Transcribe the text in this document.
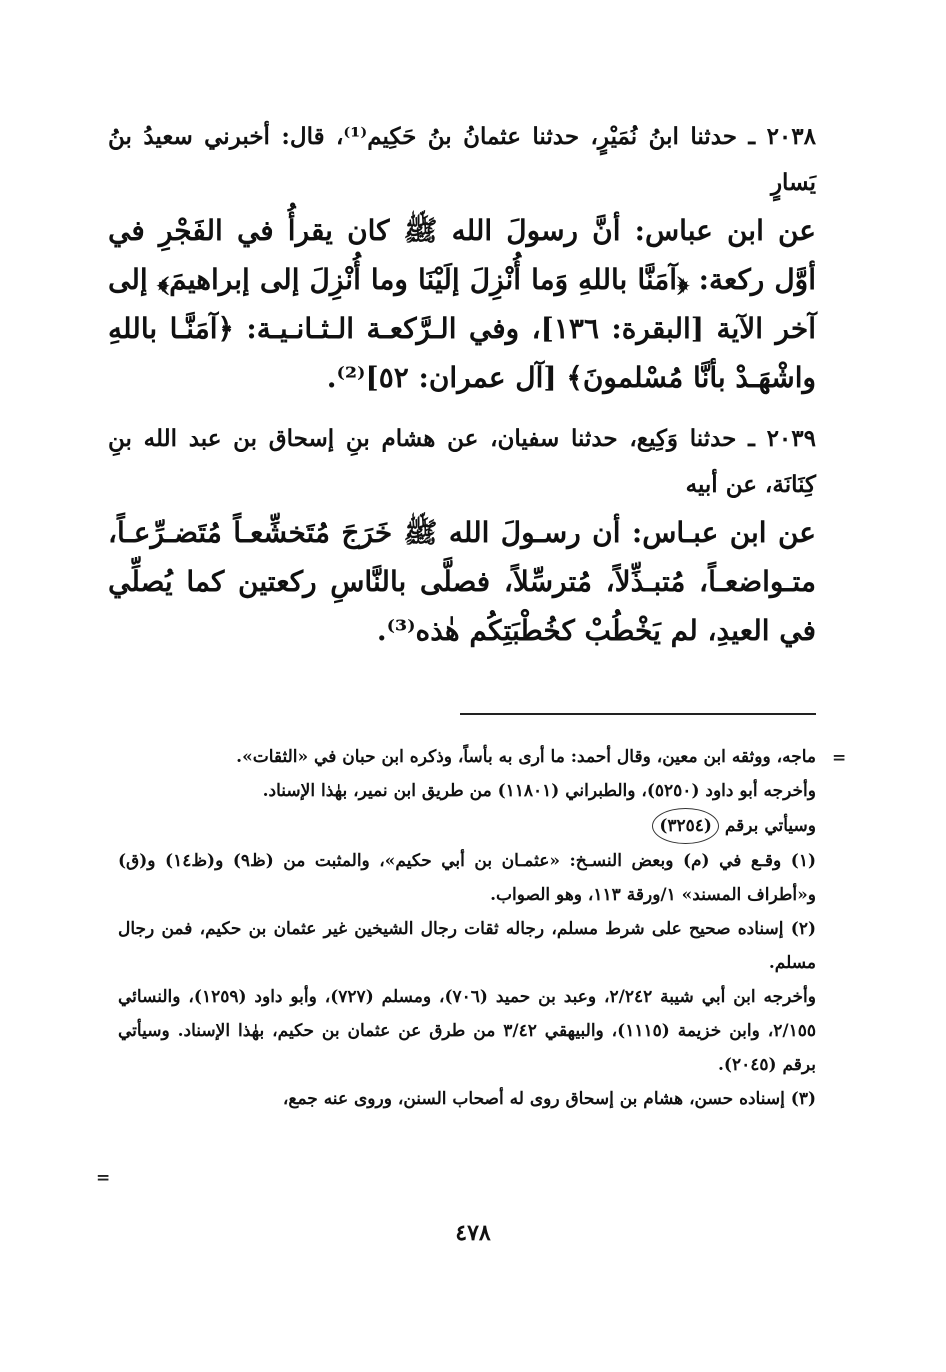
٢٠٣٨ ـ حدثنا ابنُ نُمَيْرٍ، حدثنا عثمانُ بنُ حَكِيم⁽¹⁾، قال: أخبرني سعيدُ بنُ يَسارٍ

عن ابن عباس: أنَّ رسولَ الله ﷺ كان يقرأُ في الفَجْرِ في أوَّل ركعة: ﴿آمَنَّا باللهِ وَما أُنْزِلَ إلَيْنَا وما أُنْزِلَ إلى إبراهيمَ﴾ إلى آخر الآية [البقرة: ١٣٦]، وفي الـرَّكعـة الـثـانـيـة: ﴿آمَنَّـا باللهِ واشْهَـدْ بأنَّا مُسْلمونَ﴾ [آل عمران: ٥٢]⁽²⁾.

٢٠٣٩ ـ حدثنا وَكِيع، حدثنا سفيان، عن هشام بنِ إسحاق بن عبد الله بنِ كِنَانَة، عن أبيه

عن ابن عبـاس: أن رسـولَ الله ﷺ خَرَجَ مُتَخشِّعـاً مُتَضـرِّعـاً، متـواضعـاً، مُتبـذِّلاً، مُترسِّلاً، فصلَّى بالنَّاسِ ركعتين كما يُصلِّي في العيدِ، لم يَخْطُبْ كخُطْبَتِكُم هٰذه⁽³⁾.

=

ماجه، ووثقه ابن معين، وقال أحمد: ما أرى به بأساً، وذكره ابن حبان في «الثقات».

وأخرجه أبو داود (٥٢٥٠)، والطبراني (١١٨٠١) من طريق ابن نمير، بهٰذا الإسناد.

وسيأتي برقم (٣٢٥٤)

(١) وقـع في (م) وبعض النسـخ: «عثمـان بن أبي حكيم»، والمثبت من (ظ٩) و(ظ١٤) و(ق) و«أطراف المسند» ١/ورقة ١١٣، وهو الصواب.

(٢) إسناده صحيح على شرط مسلم، رجاله ثقات رجال الشيخين غير عثمان بن حكيم، فمن رجال مسلم.

وأخرجه ابن أبي شيبة ٢/٢٤٢، وعبد بن حميد (٧٠٦)، ومسلم (٧٢٧)، وأبو داود (١٢٥٩)، والنسائي ٢/١٥٥، وابن خزيمة (١١١٥)، والبيهقي ٣/٤٢ من طرق عن عثمان بن حكيم، بهٰذا الإسناد. وسيأتي برقم (٢٠٤٥).

(٣) إسناده حسن، هشام بن إسحاق روى له أصحاب السنن، وروى عنه جمع،

=
٤٧٨
